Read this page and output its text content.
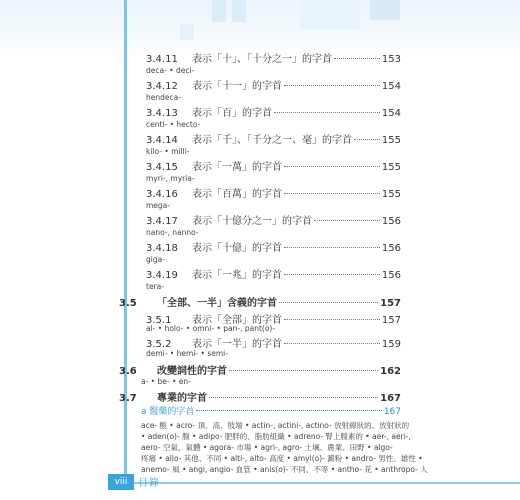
3.4.11	表示「十」、「十分之一」的字首	153
deca- • deci-
3.4.12	表示「十一」的字首	154
hendeca-
3.4.13	表示「百」的字首	154
centi- • hecto-
3.4.14	表示「千」、「千分之一、毫」的字首	155
kilo- • milli-
3.4.15	表示「一萬」的字首	155
myri-, myria-
3.4.16	表示「百萬」的字首	155
mega-
3.4.17	表示「十億分之一」的字首	156
nano-, nanno-
3.4.18	表示「十億」的字首	156
giga-
3.4.19	表示「一兆」的字首	156
tera-
3.5	「全部、一半」含義的字首	157
3.5.1	表示「全部」的字首	157
al- • holo- • omni- • pan-, pant(o)-
3.5.2	表示「一半」的字首	159
demi- • hemi- • semi-
3.6	改變詞性的字首	162
a- • be- • en-
3.7	專業的字首	167
a 醫藥的字首	167
ace- 酸 • acro- 頂、高、肢端 • actin-, actini-, actino- 放射線狀的、放射狀的
• aden(o)- 腺 • adipo- 肥胖的、脂肪組織 • adreno- 腎上腺素的 • aer-, aeri-,
aero- 空氣、氣體 • agora- 市場 • agri-, agro- 土壤、農業、田野 • algo-
疼痛 • allo- 其他、不同 • alti-, alto- 高度 • amyl(o)- 澱粉 • andro- 男性、雄性 •
anemo- 風 • angi, angio- 血管 • anis(o)- 不同、不等 • antho- 花 • anthropo- 人
viii	目錄
